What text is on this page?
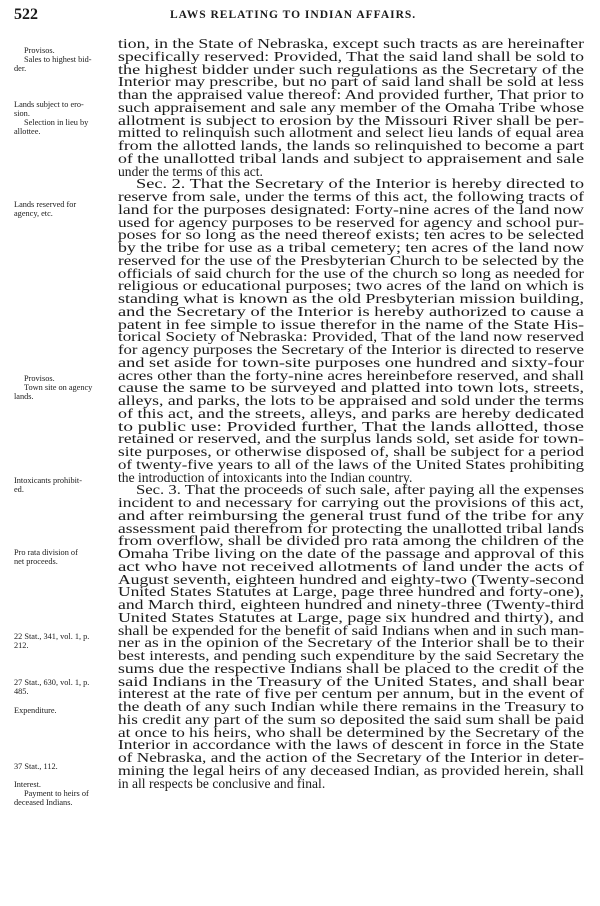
522	LAWS RELATING TO INDIAN AFFAIRS.
Provisos.
Sales to highest bid-
der.
Lands subject to ero-
sion.
Selection in lieu by
allottee.
Lands reserved for
agency, etc.
Provisos.
Town site on agency
lands.
Intoxicants prohibit-
ed.
Pro rata division of
net proceeds.
22 Stat., 341, vol. 1, p.
212.
27 Stat., 630, vol. 1, p.
485.
Expenditure.
37 Stat., 112.
Interest.
Payment to heirs of
deceased Indians.
tion, in the State of Nebraska, except such tracts as are hereinafter
specifically reserved: Provided, That the said land shall be sold to
the highest bidder under such regulations as the Secretary of the
Interior may prescribe, but no part of said land shall be sold at less
than the appraised value thereof: And provided further, That prior to
such appraisement and sale any member of the Omaha Tribe whose
allotment is subject to erosion by the Missouri River shall be per-
mitted to relinquish such allotment and select lieu lands of equal area
from the allotted lands, the lands so relinquished to become a part
of the unallotted tribal lands and subject to appraisement and sale
under the terms of this act.
Sec. 2. That the Secretary of the Interior is hereby directed to
reserve from sale, under the terms of this act, the following tracts of
land for the purposes designated: Forty-nine acres of the land now
used for agency purposes to be reserved for agency and school pur-
poses for so long as the need thereof exists; ten acres to be selected
by the tribe for use as a tribal cemetery; ten acres of the land now
reserved for the use of the Presbyterian Church to be selected by the
officials of said church for the use of the church so long as needed for
religious or educational purposes; two acres of the land on which is
standing what is known as the old Presbyterian mission building,
and the Secretary of the Interior is hereby authorized to cause a
patent in fee simple to issue therefor in the name of the State His-
torical Society of Nebraska: Provided, That of the land now reserved
for agency purposes the Secretary of the Interior is directed to reserve
and set aside for town-site purposes one hundred and sixty-four
acres other than the forty-nine acres hereinbefore reserved, and shall
cause the same to be surveyed and platted into town lots, streets,
alleys, and parks, the lots to be appraised and sold under the terms
of this act, and the streets, alleys, and parks are hereby dedicated
to public use: Provided further, That the lands allotted, those
retained or reserved, and the surplus lands sold, set aside for town-
site purposes, or otherwise disposed of, shall be subject for a period
of twenty-five years to all of the laws of the United States prohibiting
the introduction of intoxicants into the Indian country.
Sec. 3. That the proceeds of such sale, after paying all the expenses
incident to and necessary for carrying out the provisions of this act,
and after reimbursing the general trust fund of the tribe for any
assessment paid therefrom for protecting the unallotted tribal lands
from overflow, shall be divided pro rata among the children of the
Omaha Tribe living on the date of the passage and approval of this
act who have not received allotments of land under the acts of
August seventh, eighteen hundred and eighty-two (Twenty-second
United States Statutes at Large, page three hundred and forty-one),
and March third, eighteen hundred and ninety-three (Twenty-third
United States Statutes at Large, page six hundred and thirty), and
shall be expended for the benefit of said Indians when and in such man-
ner as in the opinion of the Secretary of the Interior shall be to their
best interests, and pending such expenditure by the said Secretary the
sums due the respective Indians shall be placed to the credit of the
said Indians in the Treasury of the United States, and shall bear
interest at the rate of five per centum per annum, but in the event of
the death of any such Indian while there remains in the Treasury to
his credit any part of the sum so deposited the said sum shall be paid
at once to his heirs, who shall be determined by the Secretary of the
Interior in accordance with the laws of descent in force in the State
of Nebraska, and the action of the Secretary of the Interior in deter-
mining the legal heirs of any deceased Indian, as provided herein, shall
in all respects be conclusive and final.
